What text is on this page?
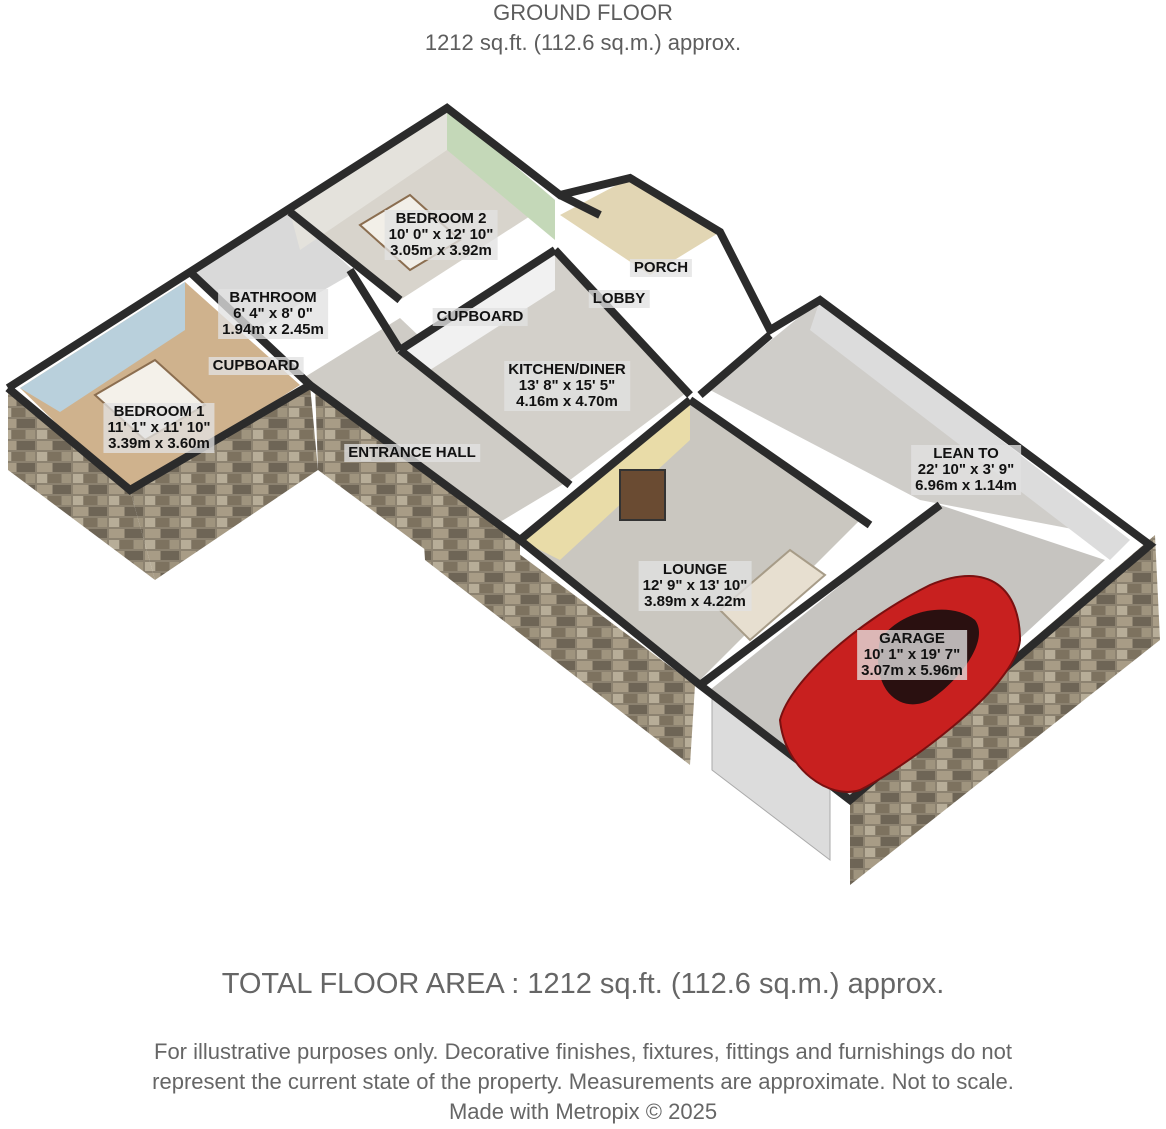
GROUND FLOOR
1212 sq.ft. (112.6 sq.m.) approx.
BEDROOM 1
11' 1" x 11' 10"
3.39m x 3.60m
BATHROOM
6' 4" x 8' 0"
1.94m x 2.45m
CUPBOARD
BEDROOM 2
10' 0" x 12' 10"
3.05m x 3.92m
CUPBOARD
ENTRANCE HALL
PORCH
LOBBY
KITCHEN/DINER
13' 8" x 15' 5"
4.16m x 4.70m
LOUNGE
12' 9" x 13' 10"
3.89m x 4.22m
LEAN TO
22' 10" x 3' 9"
6.96m x 1.14m
GARAGE
10' 1" x 19' 7"
3.07m x 5.96m
TOTAL FLOOR AREA : 1212 sq.ft. (112.6 sq.m.) approx.
For illustrative purposes only. Decorative finishes, fixtures, fittings and furnishings do not
represent the current state of the property. Measurements are approximate. Not to scale.
Made with Metropix © 2025
